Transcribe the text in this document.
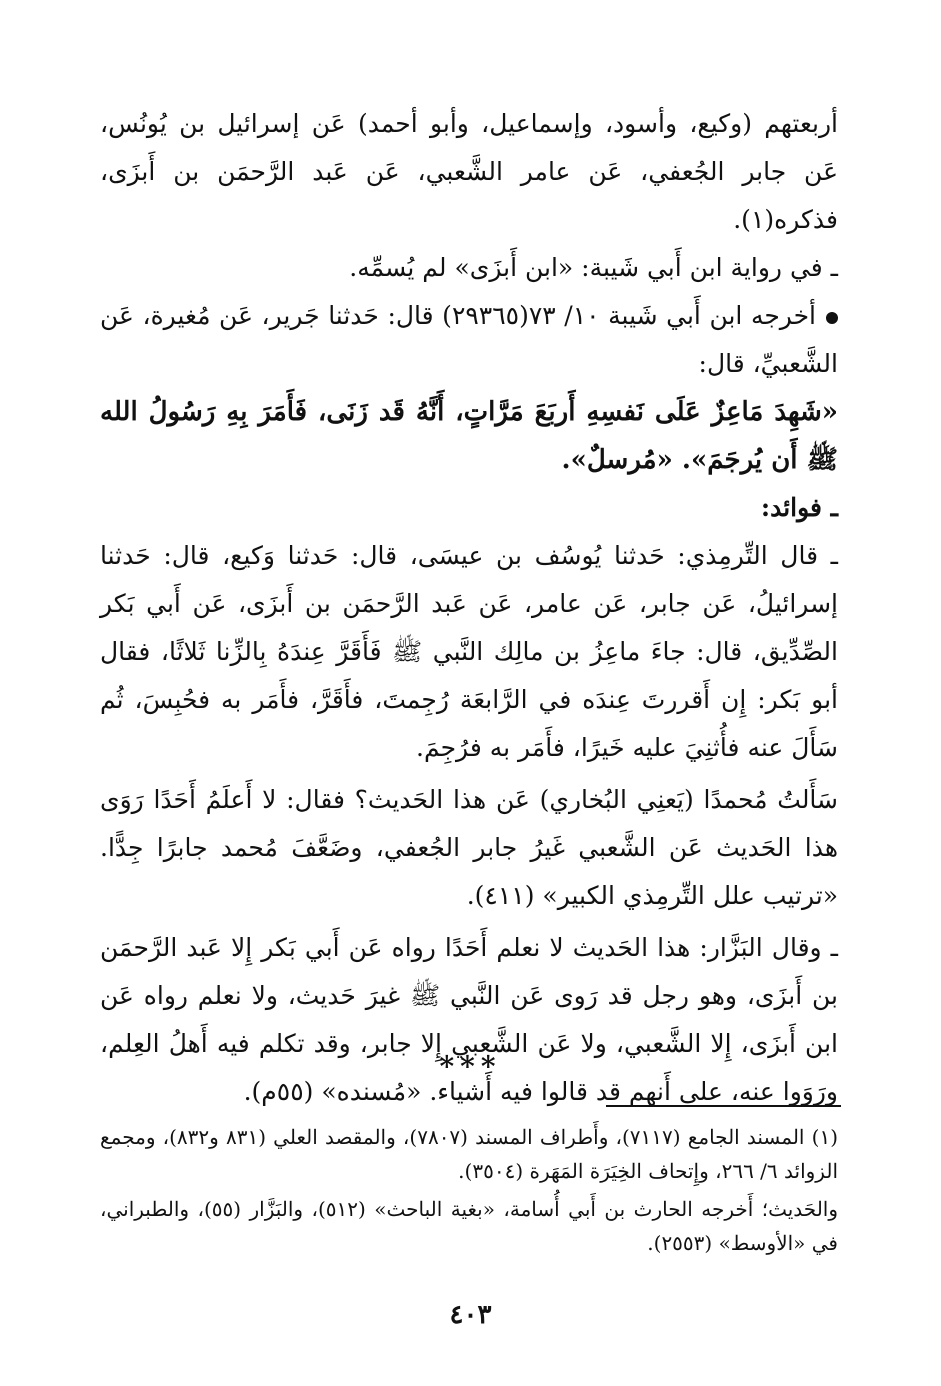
أربعتهم (وكيع، وأسود، وإسماعيل، وأبو أحمد) عَن إسرائيل بن يُونُس، عَن جابر الجُعفي، عَن عامر الشَّعبي، عَن عَبد الرَّحمَن بن أَبزَى، فذكره(١).

ـ في رواية ابن أَبي شَيبة: «ابن أَبزَى» لم يُسمِّه.

أخرجه ابن أَبي شَيبة ١٠/ ٧٣(٢٩٣٦٥) قال: حَدثنا جَرير، عَن مُغيرة، عَن الشَّعبيِّ، قال:

«شَهِدَ مَاعِزٌ عَلَى نَفسِهِ أَربَعَ مَرَّاتٍ، أَنَّهُ قَد زَنَى، فَأَمَرَ بِهِ رَسُولُ الله ﷺ أَن يُرجَمَ». «مُرسلٌ».

ـ فوائد:

ـ قال التِّرمِذي: حَدثنا يُوسُف بن عيسَى، قال: حَدثنا وَكيع، قال: حَدثنا إسرائيلُ، عَن جابر، عَن عامر، عَن عَبد الرَّحمَن بن أَبزَى، عَن أَبي بَكر الصِّدِّيق، قال: جاءَ ماعِزُ بن مالِك النَّبي ﷺ فَأَقَرَّ عِندَهُ بِالزِّنا ثَلاثًا، فقال أبو بَكر: إِن أَقررتَ عِندَه في الرَّابعَة رُجِمتَ، فأَقَرَّ، فأَمَر به فحُبِسَ، ثُم سَأَلَ عنه فأُثنِيَ عليه خَيرًا، فأَمَر به فرُجِمَ.

سَأَلتُ مُحمدًا (يَعنِي البُخاري) عَن هذا الحَديث؟ فقال: لا أَعلَمُ أَحَدًا رَوَى هذا الحَديث عَن الشَّعبي غَيرُ جابر الجُعفي، وضَعَّفَ مُحمد جابرًا جِدًّا. «ترتيب علل التِّرمِذي الكبير» (٤١١).

ـ وقال البَزَّار: هذا الحَديث لا نعلم أَحَدًا رواه عَن أَبي بَكر إِلا عَبد الرَّحمَن بن أَبزَى، وهو رجل قد رَوى عَن النَّبي ﷺ غيرَ حَديث، ولا نعلم رواه عَن ابن أَبزَى، إِلا الشَّعبي، ولا عَن الشَّعبي إِلا جابر، وقد تكلم فيه أَهلُ العِلم، ورَوَوا عنه، على أَنهم قد قالوا فيه أَشياء. «مُسنده» (٥٥م).

***

(١) المسند الجامع (٧١١٧)، وأَطراف المسند (٧٨٠٧)، والمقصد العلي (٨٣١ و٨٣٢)، ومجمع الزوائد ٦/ ٢٦٦، وإِتحاف الخِيَرَة المَهَرة (٣٥٠٤).

والحَديث؛ أَخرجه الحارث بن أَبي أُسامة، «بغية الباحث» (٥١٢)، والبَزَّار (٥٥)، والطبراني، في «الأوسط» (٢٥٥٣).

٤٠٣
